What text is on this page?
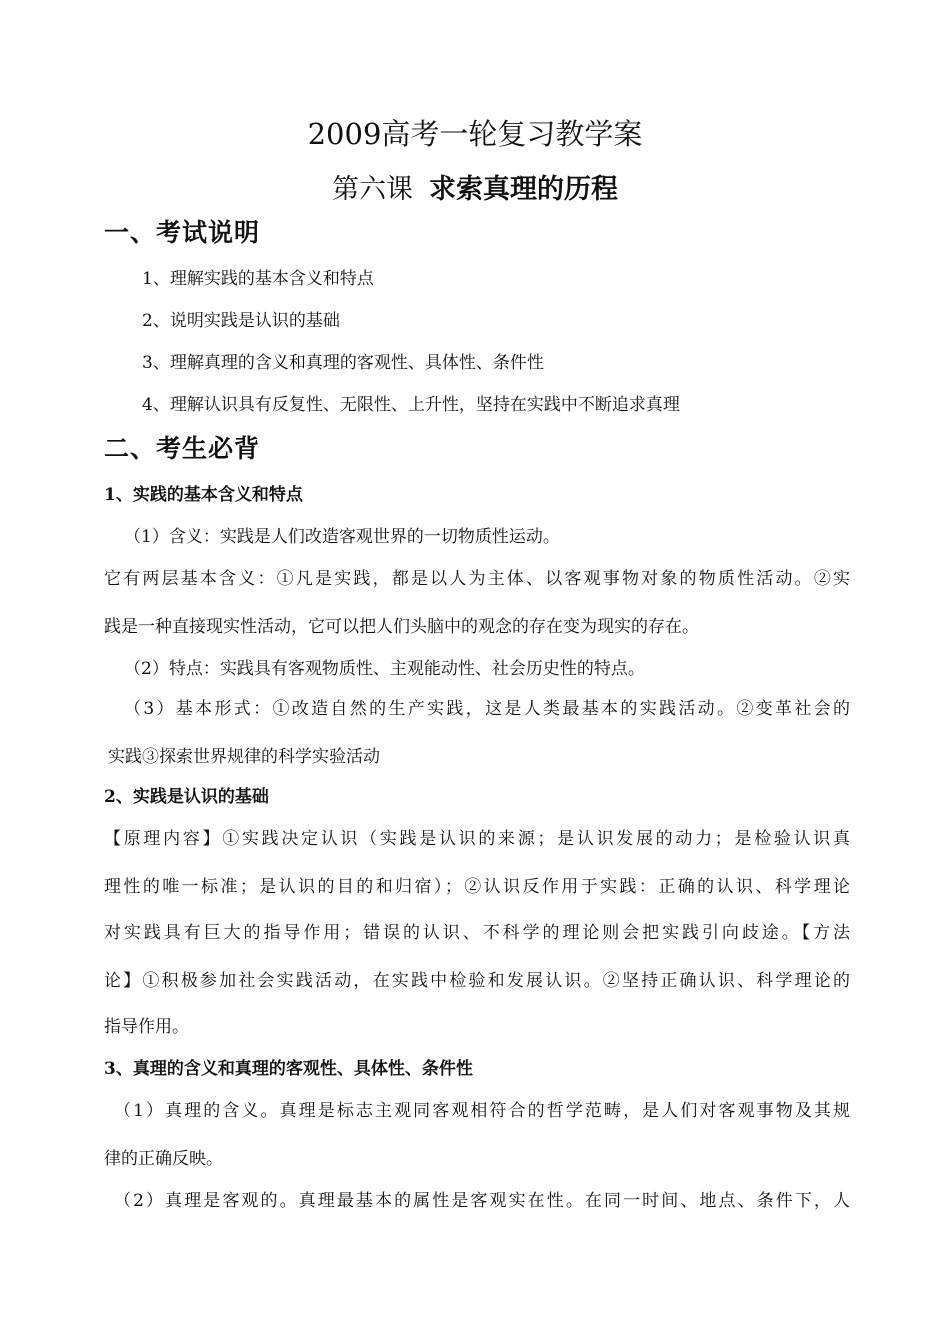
2009高考一轮复习教学案
第六课 求索真理的历程
一、考试说明
1、理解实践的基本含义和特点
2、说明实践是认识的基础
3、理解真理的含义和真理的客观性、具体性、条件性
4、理解认识具有反复性、无限性、上升性，坚持在实践中不断追求真理
二、考生必背
1、实践的基本含义和特点
（1）含义：实践是人们改造客观世界的一切物质性运动。
它有两层基本含义：①凡是实践，都是以人为主体、以客观事物对象的物质性活动。②实
践是一种直接现实性活动，它可以把人们头脑中的观念的存在变为现实的存在。
（2）特点：实践具有客观物质性、主观能动性、社会历史性的特点。
（3）基本形式：①改造自然的生产实践，这是人类最基本的实践活动。②变革社会的
实践③探索世界规律的科学实验活动
2、实践是认识的基础
【原理内容】①实践决定认识（实践是认识的来源；是认识发展的动力；是检验认识真
理性的唯一标准；是认识的目的和归宿）；②认识反作用于实践：正确的认识、科学理论
对实践具有巨大的指导作用；错误的认识、不科学的理论则会把实践引向歧途。【方法
论】①积极参加社会实践活动，在实践中检验和发展认识。②坚持正确认识、科学理论的
指导作用。
3、真理的含义和真理的客观性、具体性、条件性
（1）真理的含义。真理是标志主观同客观相符合的哲学范畴，是人们对客观事物及其规
律的正确反映。
（2）真理是客观的。真理最基本的属性是客观实在性。在同一时间、地点、条件下，人
